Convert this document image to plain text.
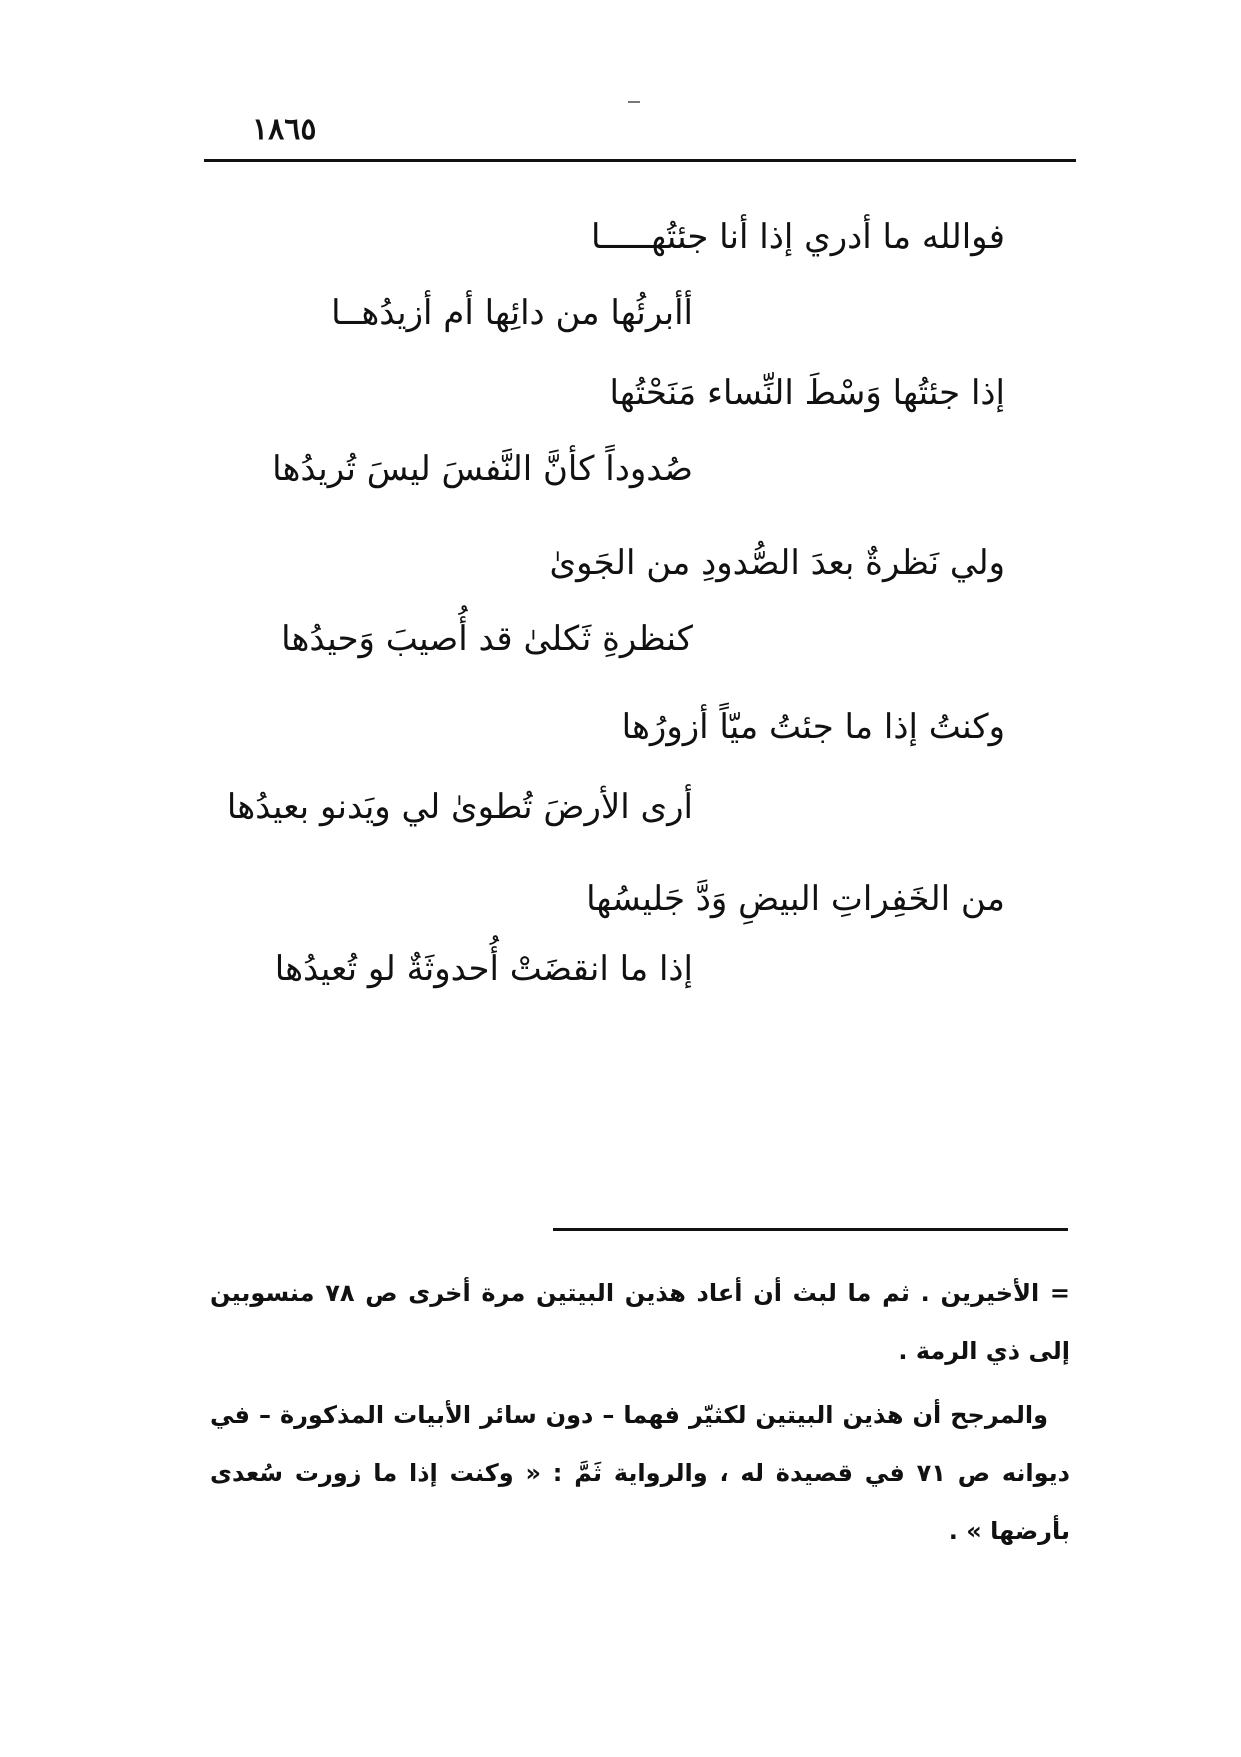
١٨٦٥
فوالله ما أدري إذا أنا جئتُهـــــا
أأبرئُها من دائِها أم أزيدُهــا
إذا جئتُها وَسْطَ النِّساء مَنَحْتُها
صُدوداً كأنَّ النَّفسَ ليسَ تُريدُها
ولي نَظرةٌ بعدَ الصُّدودِ من الجَوىٰ
كنظرةِ ثَكلىٰ قد أُصيبَ وَحيدُها
وكنتُ إذا ما جئتُ ميّاً أزورُها
أرى الأرضَ تُطوىٰ لي ويَدنو بعيدُها
من الخَفِراتِ البيضِ وَدَّ جَليسُها
إذا ما انقضَتْ أُحدوثَةٌ لو تُعيدُها

= الأخيرين . ثم ما لبث أن أعاد هذين البيتين مرة أخرى ص ٧٨ منسوبين إلى ذي الرمة .

والمرجح أن هذين البيتين لكثيّر فهما – دون سائر الأبيات المذكورة – في ديوانه ص ٧١ في قصيدة له ، والرواية ثَمَّ : « وكنت إذا ما زورت سُعدى بأرضها » .
